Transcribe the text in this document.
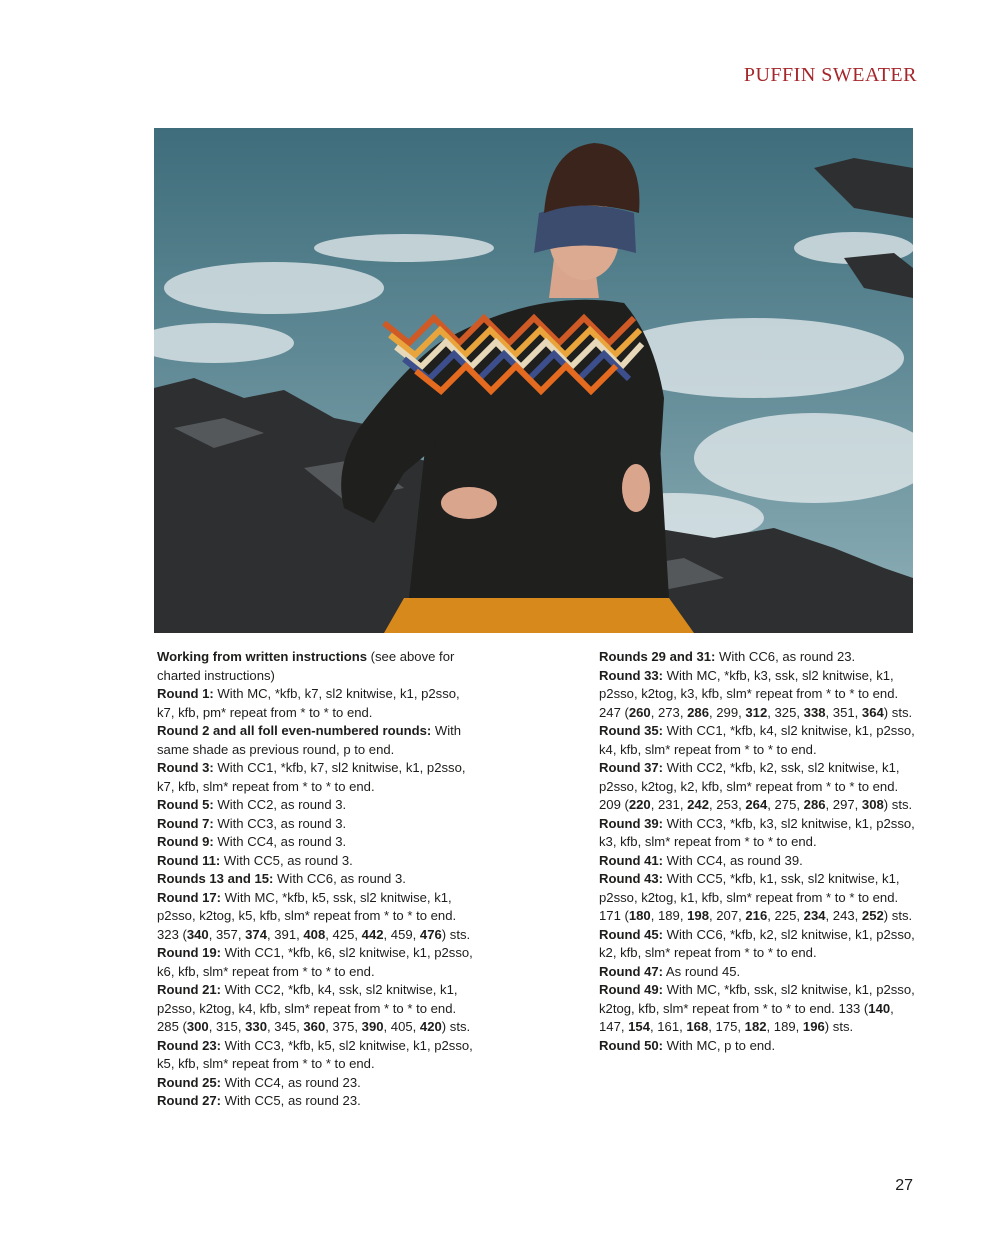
PUFFIN SWEATER
Working from written instructions (see above for charted instructions)
Round 1: With MC, *kfb, k7, sl2 knitwise, k1, p2sso, k7, kfb, pm* repeat from * to * to end.
Round 2 and all foll even-numbered rounds: With same shade as previous round, p to end.
Round 3: With CC1, *kfb, k7, sl2 knitwise, k1, p2sso, k7, kfb, slm* repeat from * to * to end.
Round 5: With CC2, as round 3.
Round 7: With CC3, as round 3.
Round 9: With CC4, as round 3.
Round 11: With CC5, as round 3.
Rounds 13 and 15: With CC6, as round 3.
Round 17: With MC, *kfb, k5, ssk, sl2 knitwise, k1, p2sso, k2tog, k5, kfb, slm* repeat from * to * to end. 323 (340, 357, 374, 391, 408, 425, 442, 459, 476) sts.
Round 19: With CC1, *kfb, k6, sl2 knitwise, k1, p2sso, k6, kfb, slm* repeat from * to * to end.
Round 21: With CC2, *kfb, k4, ssk, sl2 knitwise, k1, p2sso, k2tog, k4, kfb, slm* repeat from * to * to end. 285 (300, 315, 330, 345, 360, 375, 390, 405, 420) sts.
Round 23: With CC3, *kfb, k5, sl2 knitwise, k1, p2sso, k5, kfb, slm* repeat from * to * to end.
Round 25: With CC4, as round 23.
Round 27: With CC5, as round 23.
Rounds 29 and 31: With CC6, as round 23.
Round 33: With MC, *kfb, k3, ssk, sl2 knitwise, k1, p2sso, k2tog, k3, kfb, slm* repeat from * to * to end. 247 (260, 273, 286, 299, 312, 325, 338, 351, 364) sts.
Round 35: With CC1, *kfb, k4, sl2 knitwise, k1, p2sso, k4, kfb, slm* repeat from * to * to end.
Round 37: With CC2, *kfb, k2, ssk, sl2 knitwise, k1, p2sso, k2tog, k2, kfb, slm* repeat from * to * to end. 209 (220, 231, 242, 253, 264, 275, 286, 297, 308) sts.
Round 39: With CC3, *kfb, k3, sl2 knitwise, k1, p2sso, k3, kfb, slm* repeat from * to * to end.
Round 41: With CC4, as round 39.
Round 43: With CC5, *kfb, k1, ssk, sl2 knitwise, k1, p2sso, k2tog, k1, kfb, slm* repeat from * to * to end. 171 (180, 189, 198, 207, 216, 225, 234, 243, 252) sts.
Round 45: With CC6, *kfb, k2, sl2 knitwise, k1, p2sso, k2, kfb, slm* repeat from * to * to end.
Round 47: As round 45.
Round 49: With MC, *kfb, ssk, sl2 knitwise, k1, p2sso, k2tog, kfb, slm* repeat from * to * to end. 133 (140, 147, 154, 161, 168, 175, 182, 189, 196) sts.
Round 50: With MC, p to end.
27
